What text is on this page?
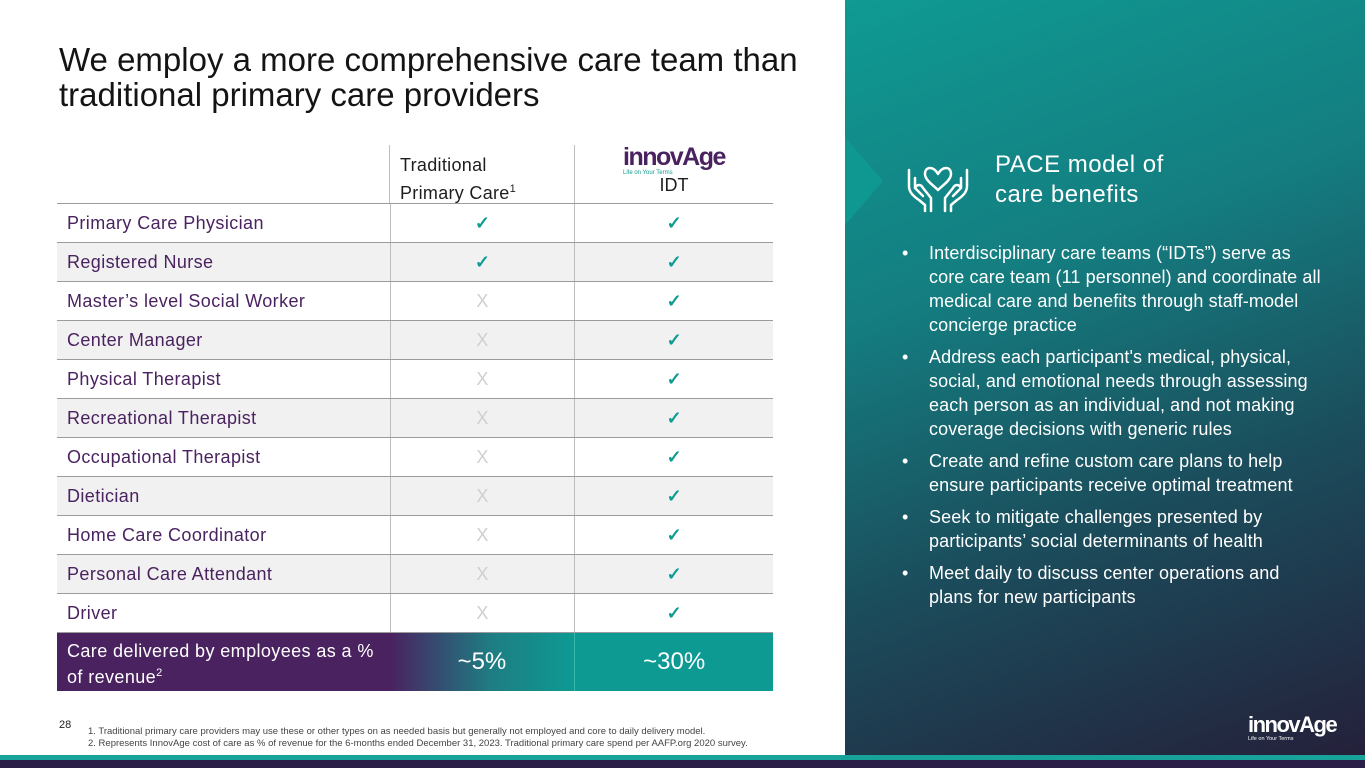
We employ a more comprehensive care team than traditional primary care providers
Traditional Primary Care$^1$
innovAge
Life on Your Terms
IDT
Primary Care Physician	✓	✓
Registered Nurse	✓	✓
Master’s level Social Worker	X	✓
Center Manager	X	✓
Physical Therapist	X	✓
Recreational Therapist	X	✓
Occupational Therapist	X	✓
Dietician	X	✓
Home Care Coordinator	X	✓
Personal Care Attendant	X	✓
Driver	X	✓
Care delivered by employees as a % of revenue$^2$	~5%	~30%
28
1. Traditional primary care providers may use these or other types on as needed basis but generally not employed and core to daily delivery model.
2. Represents InnovAge cost of care as % of revenue for the 6-months ended December 31, 2023. Traditional primary care spend per AAFP.org 2020 survey.
PACE model of care benefits
• Interdisciplinary care teams (“IDTs”) serve as core care team (11 personnel) and coordinate all medical care and benefits through staff-model concierge practice
• Address each participant's medical, physical, social, and emotional needs through assessing each person as an individual, and not making coverage decisions with generic rules
• Create and refine custom care plans to help ensure participants receive optimal treatment
• Seek to mitigate challenges presented by participants’ social determinants of health
• Meet daily to discuss center operations and plans for new participants
innovAge
Life on Your Terms
